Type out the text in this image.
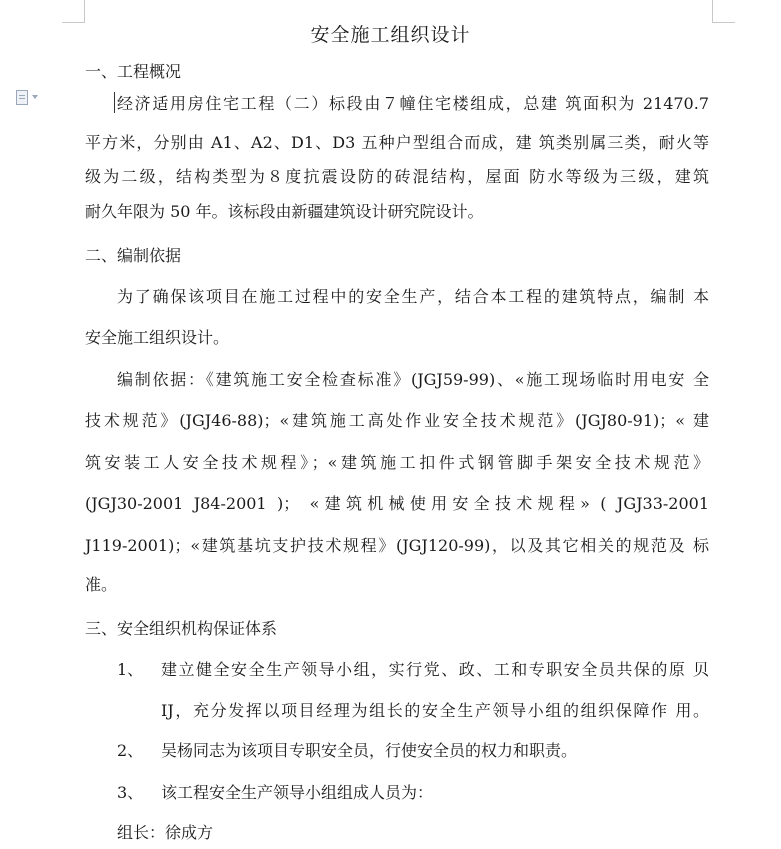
安全施工组织设计
一、工程概况
经济适用房住宅工程（二）标段由７幢住宅楼组成，总建 筑面积为 21470.7
平方米，分别由 A1、A2、D1、D3 五种户型组合而成，建 筑类别属三类，耐火等
级为二级，结构类型为８度抗震设防的砖混结构，屋面 防水等级为三级，建筑
耐久年限为 50 年。该标段由新疆建筑设计研究院设计。
二、编制依据
为了确保该项目在施工过程中的安全生产，结合本工程的建筑特点，编制 本
安全施工组织设计。
编制依据：《建筑施工安全检查标准》(JGJ59-99)、«施工现场临时用电安 全
技术规范》(JGJ46-88)；«建筑施工高处作业安全技术规范》(JGJ80-91)；« 建
筑安装工人安全技术规程》；«建筑施工扣件式钢管脚手架安全技术规范》
(JGJ30-2001 J84-2001 )； «建筑机械使用安全技术规程» ( JGJ33-2001
J119-2001)；«建筑基坑支护技术规程》(JGJ120-99)，以及其它相关的规范及 标
准。
三、安全组织机构保证体系
1、 建立健全安全生产领导小组，实行党、政、工和专职安全员共保的原 贝
IJ，充分发挥以项目经理为组长的安全生产领导小组的组织保障作 用。
2、 吴杨同志为该项目专职安全员，行使安全员的权力和职责。
3、 该工程安全生产领导小组组成人员为：
组长：徐成方
